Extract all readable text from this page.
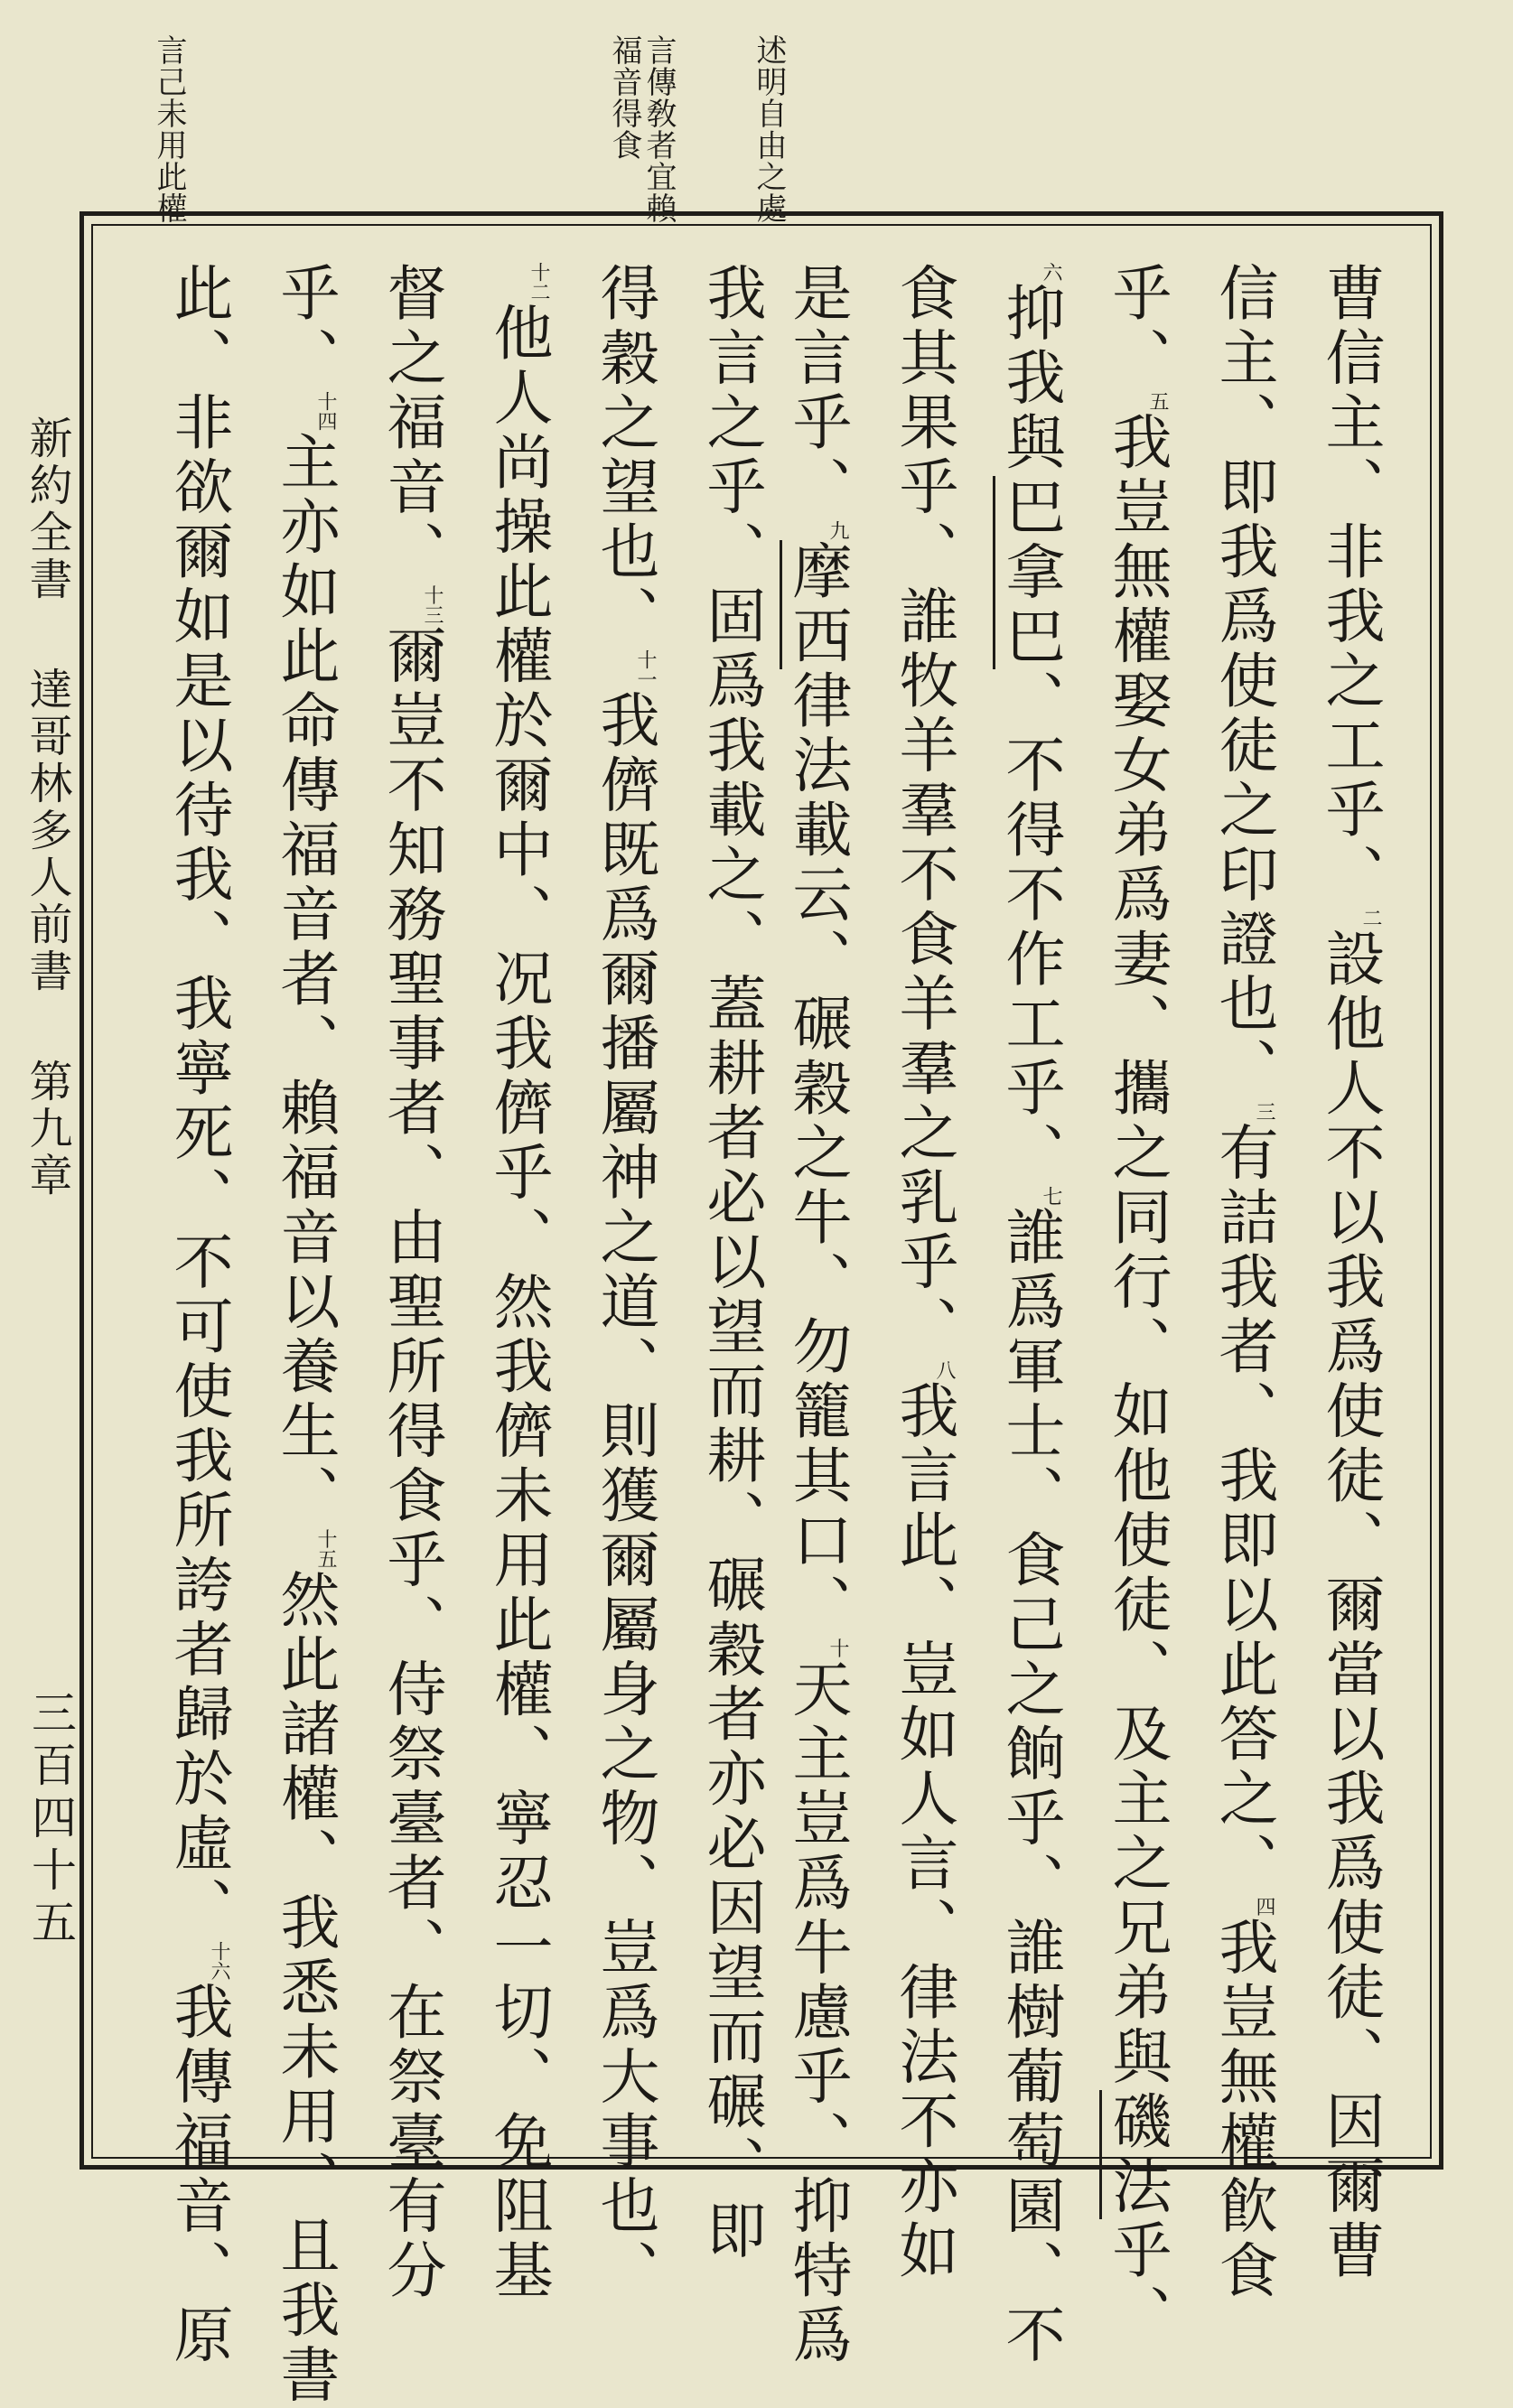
述明自由之處
言傳敎者宜賴福音得食
言己未用此權
曹信主、非我之工乎、$^二$設他人不以我爲使徒、爾當以我爲使徒、因爾曹
信主、即我爲使徒之印證也、$^三$有詰我者、我即以此答之、$^四$我豈無權飮食
乎、$^五$我豈無權娶女弟爲妻、攜之同行、如他使徒、及主之兄弟與磯法乎、
$^六$抑我與巴拿巴、不得不作工乎、$^七$誰爲軍士、食己之餉乎、誰樹葡萄園、不
食其果乎、誰牧羊羣不食羊羣之乳乎、$^八$我言此、豈如人言、律法不亦如
是言乎、$^九$摩西律法載云、碾穀之牛、勿籠其口、$^十$天主豈爲牛慮乎、抑特爲
我言之乎、固爲我載之、蓋耕者必以望而耕、碾穀者亦必因望而碾、即
得穀之望也、$^{十一}$我儕既爲爾播屬神之道、則獲爾屬身之物、豈爲大事也、
$^{十二}$他人尚操此權於爾中、况我儕乎、然我儕未用此權、寧忍一切、免阻基
督之福音、$^{十三}$爾豈不知務聖事者、由聖所得食乎、侍祭臺者、在祭臺有分
乎、$^{十四}$主亦如此命傳福音者、賴福音以養生、$^{十五}$然此諸權、我悉未用、且我書
此、非欲爾如是以待我、我寧死、不可使我所誇者歸於虛、$^{十六}$我傳福音、原
新約全書達哥林多人前書第九章
三百四十五
